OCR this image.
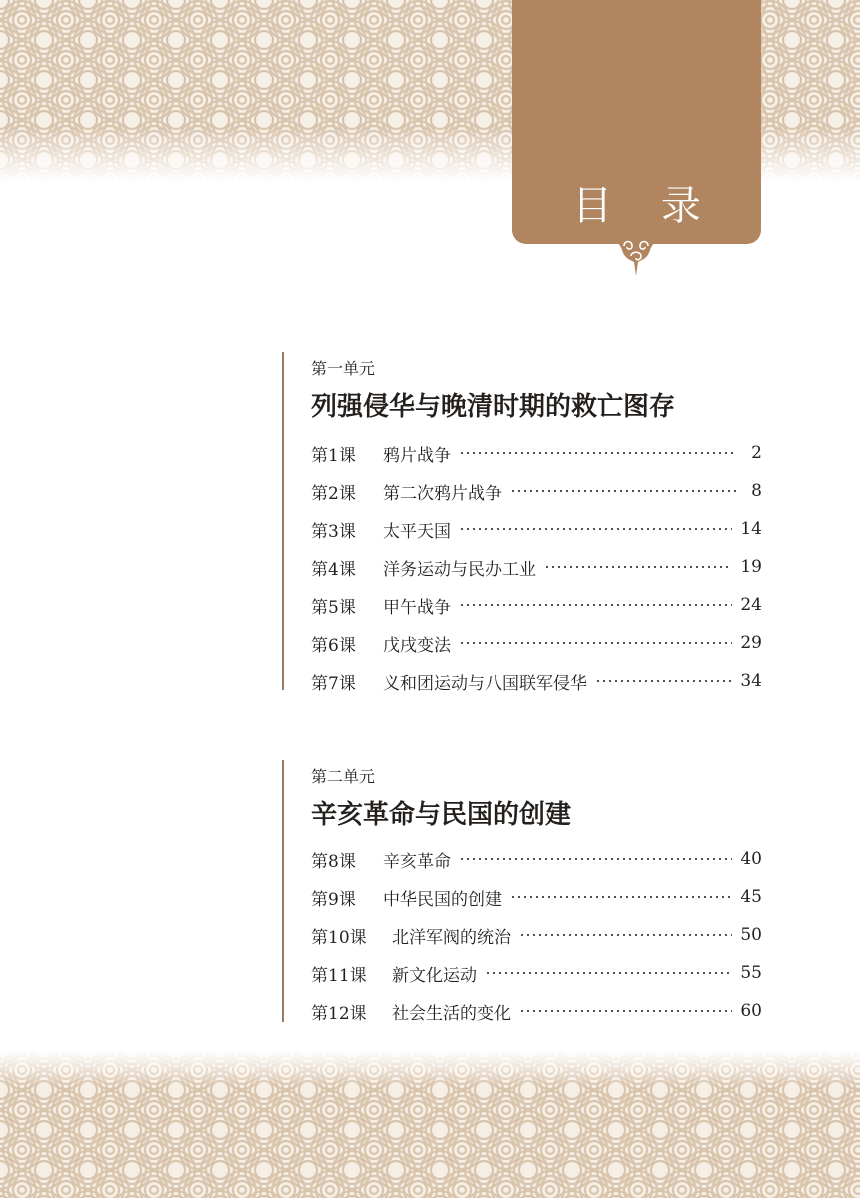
目 录
第一单元
列强侵华与晚清时期的救亡图存
第1课	鸦片战争	2
第2课	第二次鸦片战争	8
第3课	太平天国	14
第4课	洋务运动与民办工业	19
第5课	甲午战争	24
第6课	戊戌变法	29
第7课	义和团运动与八国联军侵华	34
第二单元
辛亥革命与民国的创建
第8课	辛亥革命	40
第9课	中华民国的创建	45
第10课	北洋军阀的统治	50
第11课	新文化运动	55
第12课	社会生活的变化	60
